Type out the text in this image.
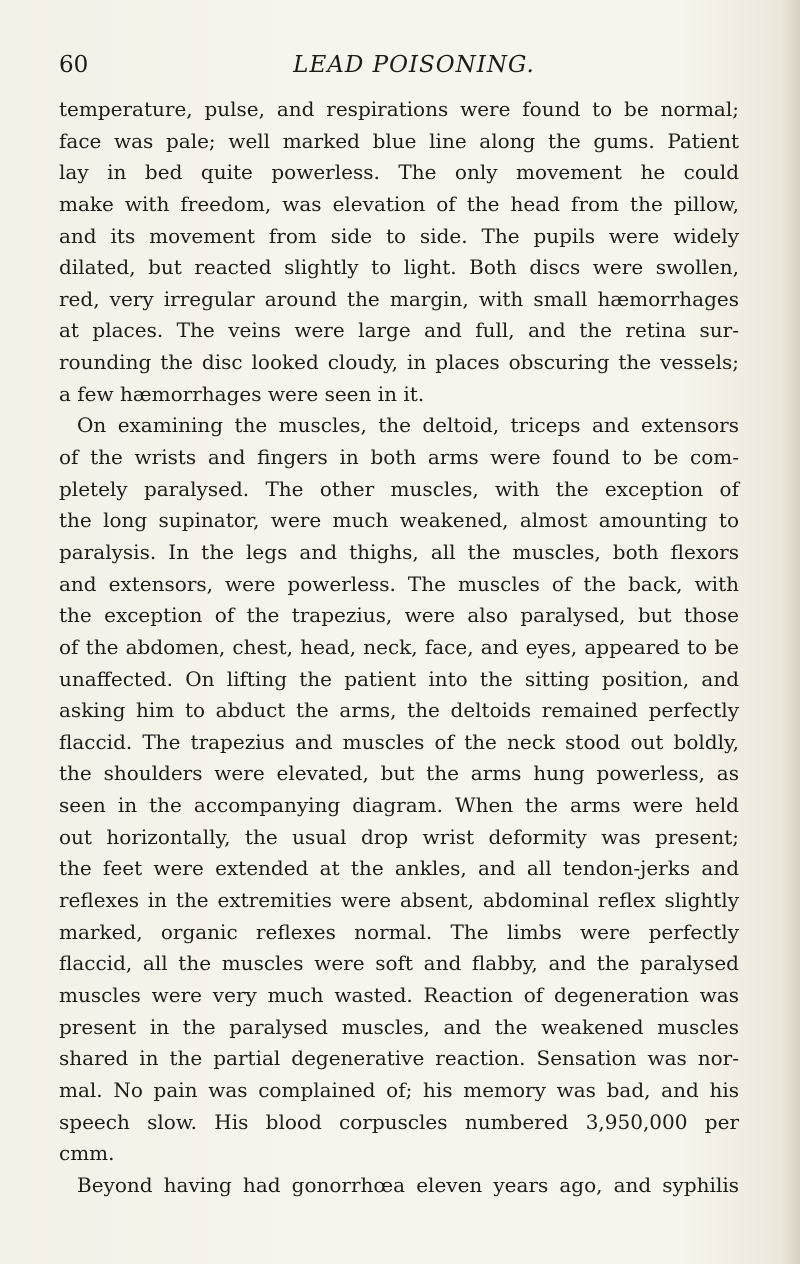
60	LEAD POISONING.
temperature, pulse, and respirations were found to be normal;
face was pale; well marked blue line along the gums. Patient
lay in bed quite powerless. The only movement he could
make with freedom, was elevation of the head from the pillow,
and its movement from side to side. The pupils were widely
dilated, but reacted slightly to light. Both discs were swollen,
red, very irregular around the margin, with small hæmorrhages
at places. The veins were large and full, and the retina sur-
rounding the disc looked cloudy, in places obscuring the vessels;
a few hæmorrhages were seen in it.
On examining the muscles, the deltoid, triceps and extensors
of the wrists and fingers in both arms were found to be com-
pletely paralysed. The other muscles, with the exception of
the long supinator, were much weakened, almost amounting to
paralysis. In the legs and thighs, all the muscles, both flexors
and extensors, were powerless. The muscles of the back, with
the exception of the trapezius, were also paralysed, but those
of the abdomen, chest, head, neck, face, and eyes, appeared to be
unaffected. On lifting the patient into the sitting position, and
asking him to abduct the arms, the deltoids remained perfectly
flaccid. The trapezius and muscles of the neck stood out boldly,
the shoulders were elevated, but the arms hung powerless, as
seen in the accompanying diagram. When the arms were held
out horizontally, the usual drop wrist deformity was present;
the feet were extended at the ankles, and all tendon-jerks and
reflexes in the extremities were absent, abdominal reflex slightly
marked, organic reflexes normal. The limbs were perfectly
flaccid, all the muscles were soft and flabby, and the paralysed
muscles were very much wasted. Reaction of degeneration was
present in the paralysed muscles, and the weakened muscles
shared in the partial degenerative reaction. Sensation was nor-
mal. No pain was complained of; his memory was bad, and his
speech slow. His blood corpuscles numbered 3,950,000 per
cmm.
Beyond having had gonorrhœa eleven years ago, and syphilis
